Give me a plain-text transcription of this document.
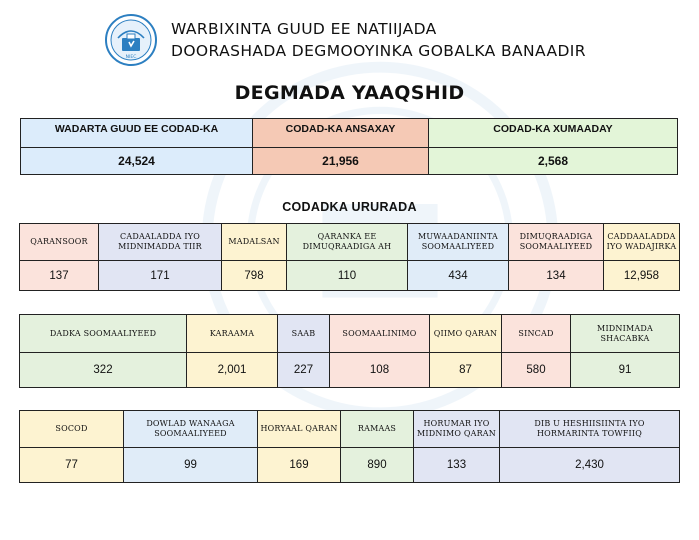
NIEC
WARBIXINTA GUUD EE NATIIJADA
DOORASHADA DEGMOOYINKA GOBALKA BANAADIR
DEGMADA YAAQSHID
WADARTA GUUD EE CODAD-KA	CODAD-KA ANSAXAY	CODAD-KA XUMAADAY
24,524	21,956	2,568
CODADKA URURADA
QARANSOOR	CADAALADDA IYO MIDNIMADDA TIIR	MADALSAN	QARANKA EE DIMUQRAADIGA AH	MUWAADANIINTA SOOMAALIYEED	DIMUQRAADIGA SOOMAALIYEED	CADDAALADDA IYO WADAJIRKA
137	171	798	110	434	134	12,958
DADKA SOOMAALIYEED	KARAAMA	SAAB	SOOMAALINIMO	QIIMO QARAN	SINCAD	MIDNIMADA SHACABKA
322	2,001	227	108	87	580	91
SOCOD	DOWLAD WANAAGA SOOMAALIYEED	HORYAAL QARAN	RAMAAS	HORUMAR IYO MIDNIMO QARAN	DIB U HESHIISIINTA IYO HORMARINTA TOWFIIQ
77	99	169	890	133	2,430
